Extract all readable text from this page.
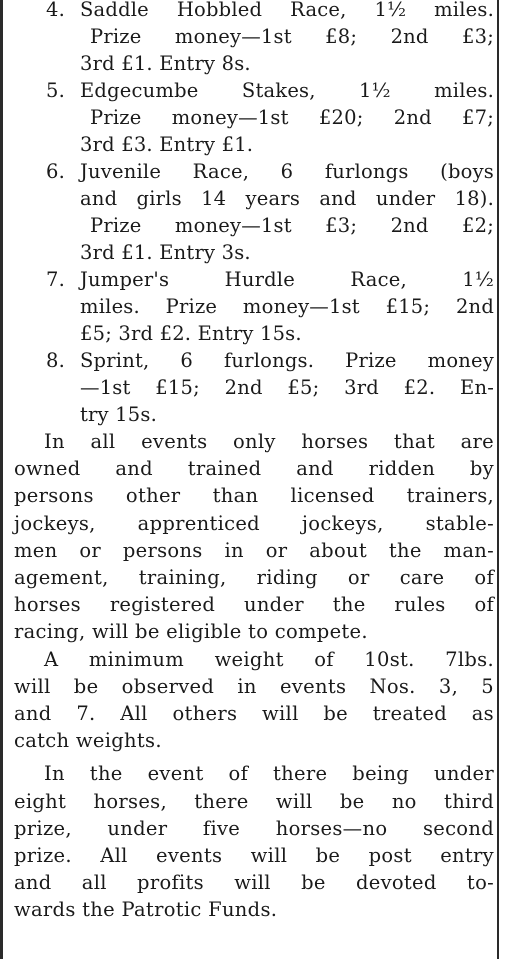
4. Saddle Hobbled Race, 1½ miles.
Prize money—1st £8; 2nd £3;
3rd £1. Entry 8s.
5. Edgecumbe Stakes, 1½ miles.
Prize money—1st £20; 2nd £7;
3rd £3. Entry £1.
6. Juvenile Race, 6 furlongs (boys
and girls 14 years and under 18).
Prize money—1st £3; 2nd £2;
3rd £1. Entry 3s.
7. Jumper's Hurdle Race, 1½
miles. Prize money—1st £15; 2nd
£5; 3rd £2. Entry 15s.
8. Sprint, 6 furlongs. Prize money
—1st £15; 2nd £5; 3rd £2. En-
try 15s.
In all events only horses that are
owned and trained and ridden by
persons other than licensed trainers,
jockeys, apprenticed jockeys, stable-
men or persons in or about the man-
agement, training, riding or care of
horses registered under the rules of
racing, will be eligible to compete.
A minimum weight of 10st. 7lbs.
will be observed in events Nos. 3, 5
and 7. All others will be treated as
catch weights.
In the event of there being under
eight horses, there will be no third
prize, under five horses—no second
prize. All events will be post entry
and all profits will be devoted to-
wards the Patrotic Funds.
